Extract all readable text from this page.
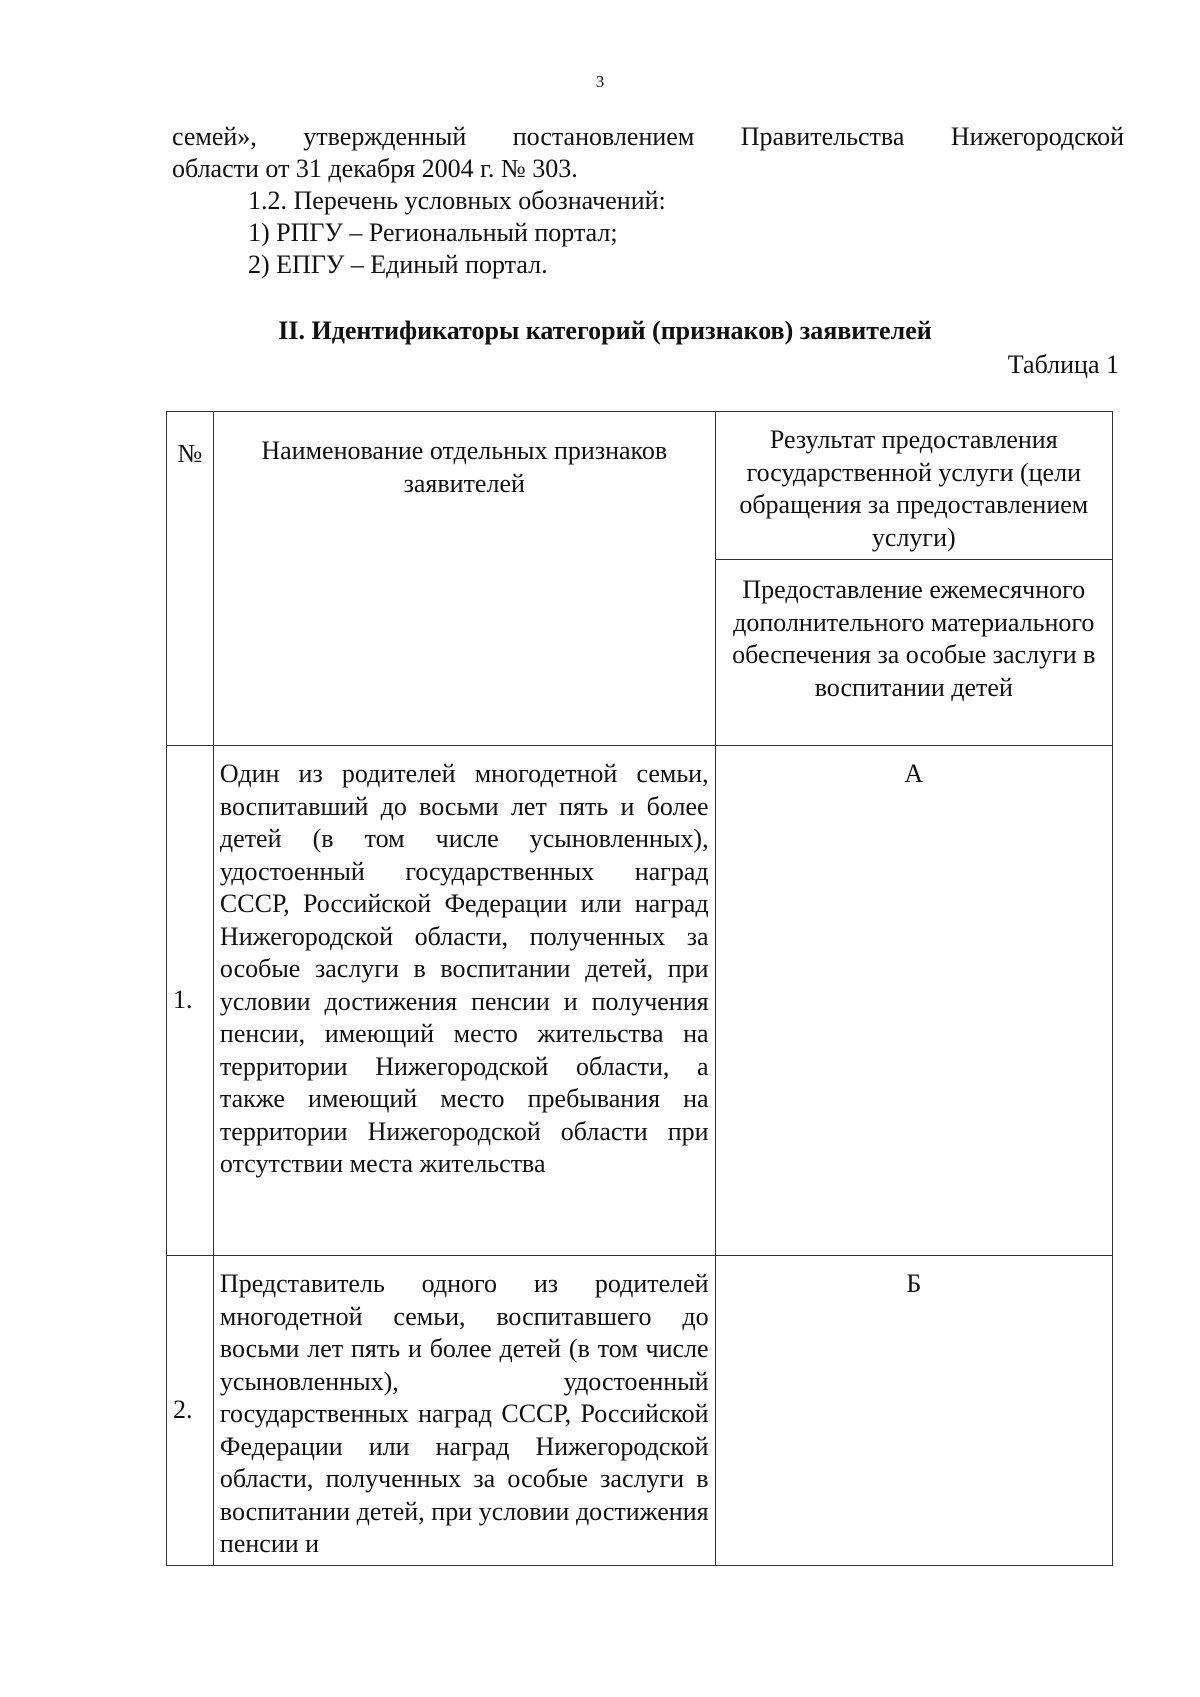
3
семей», утвержденный постановлением Правительства Нижегородской
области от 31 декабря 2004 г. № 303.
1.2. Перечень условных обозначений:
1) РПГУ – Региональный портал;
2) ЕПГУ – Единый портал.
II. Идентификаторы категорий (признаков) заявителей
Таблица 1
№	Наименование отдельных признаков заявителей	Результат предоставления государственной услуги (цели обращения за предоставлением услуги)
		Предоставление ежемесячного дополнительного материального обеспечения за особые заслуги в воспитании детей
1.	Один из родителей многодетной семьи, воспитавший до восьми лет пять и более детей (в том числе усыновленных), удостоенный государственных наград СССР, Российской Федерации или наград Нижегородской области, полученных за особые заслуги в воспитании детей, при условии достижения пенсии и получения пенсии, имеющий место жительства на территории Нижегородской области, а также имеющий место пребывания на территории Нижегородской области при отсутствии места жительства	А
2.	Представитель одного из родителей многодетной семьи, воспитавшего до восьми лет пять и более детей (в том числе усыновленных), удостоенный государственных наград СССР, Российской Федерации или наград Нижегородской области, полученных за особые заслуги в воспитании детей, при условии достижения пенсии и	Б
